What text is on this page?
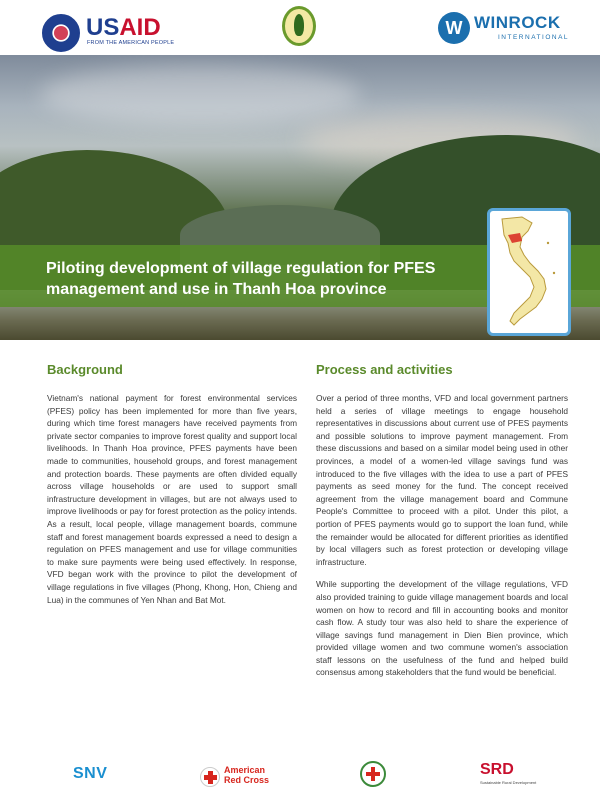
USAID
FROM THE AMERICAN PEOPLE
W WINROCK
INTERNATIONAL
Piloting development of village regulation for PFES management and use in Thanh Hoa province
Background

Vietnam's national payment for forest environmental services (PFES) policy has been implemented for more than five years, during which time forest managers have received payments from private sector companies to improve forest quality and support local livelihoods. In Thanh Hoa province, PFES payments have been made to communities, household groups, and forest management and protection boards. These payments are often divided equally across village households or are used to support small infrastructure development in villages, but are not always used to improve livelihoods or pay for forest protection as the policy intends. As a result, local people, village management boards, commune staff and forest management boards expressed a need to design a regulation on PFES management and use for village communities to make sure payments were being used effectively. In response, VFD began work with the province to pilot the development of village regulations in five villages (Phong, Khong, Hon, Chieng and Lua) in the communes of Yen Nhan and Bat Mot.

Process and activities

Over a period of three months, VFD and local government partners held a series of village meetings to engage household representatives in discussions about current use of PFES payments and possible solutions to improve payment management. From these discussions and based on a similar model being used in other provinces, a model of a women-led village savings fund was introduced to the five villages with the idea to use a part of PFES payments as seed money for the fund. The concept received agreement from the village management board and Commune People's Committee to proceed with a pilot. Under this pilot, a portion of PFES payments would go to support the loan fund, while the remainder would be allocated for different priorities as identified by local villagers such as forest protection or developing village infrastructure.

While supporting the development of the village regulations, VFD also provided training to guide village management boards and local women on how to record and fill in accounting books and monitor cash flow. A study tour was also held to share the experience of village savings fund management in Dien Bien province, which provided village women and two commune women's association staff lessons on the usefulness of the fund and helped build consensus among stakeholders that the fund would be beneficial.

SNV	American
Red Cross
SRD
Sustainable Rural Development
